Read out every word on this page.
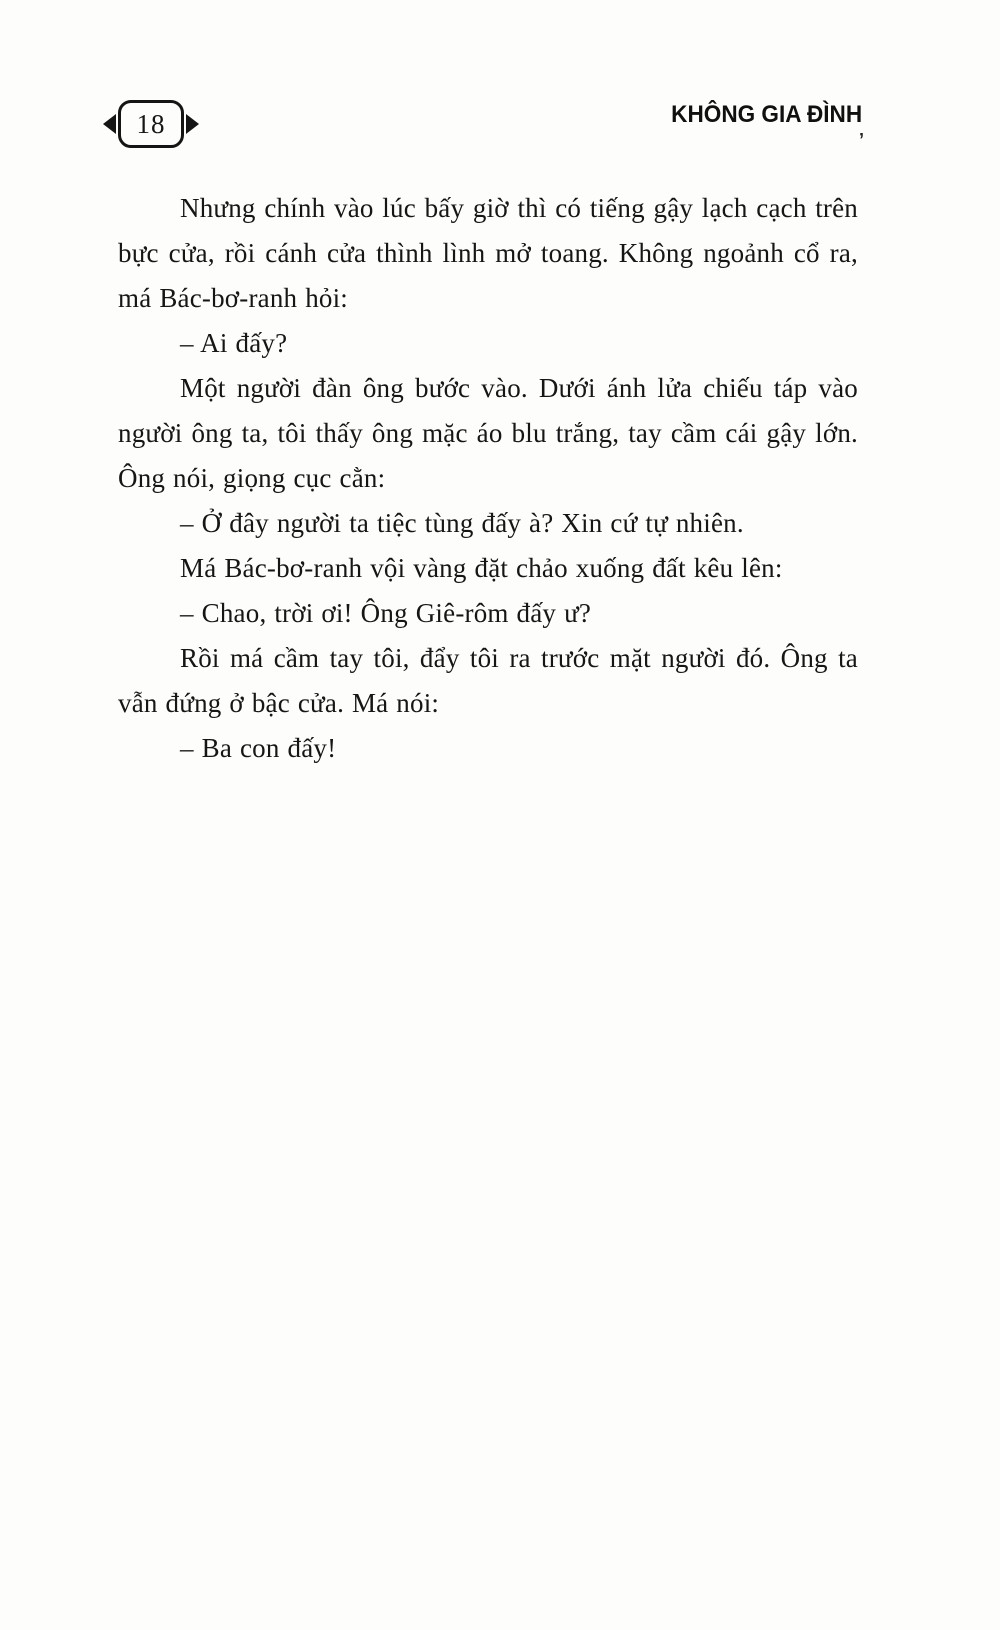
18	KHÔNG GIA ĐÌNH
’

Nhưng chính vào lúc bấy giờ thì có tiếng gậy lạch cạch trên bực cửa, rồi cánh cửa thình lình mở toang. Không ngoảnh cổ ra, má Bác-bơ-ranh hỏi:

– Ai đấy?

Một người đàn ông bước vào. Dưới ánh lửa chiếu táp vào người ông ta, tôi thấy ông mặc áo blu trắng, tay cầm cái gậy lớn. Ông nói, giọng cục cằn:

– Ở đây người ta tiệc tùng đấy à? Xin cứ tự nhiên.

Má Bác-bơ-ranh vội vàng đặt chảo xuống đất kêu lên:

– Chao, trời ơi! Ông Giê-rôm đấy ư?

Rồi má cầm tay tôi, đẩy tôi ra trước mặt người đó. Ông ta vẫn đứng ở bậc cửa. Má nói:

– Ba con đấy!
